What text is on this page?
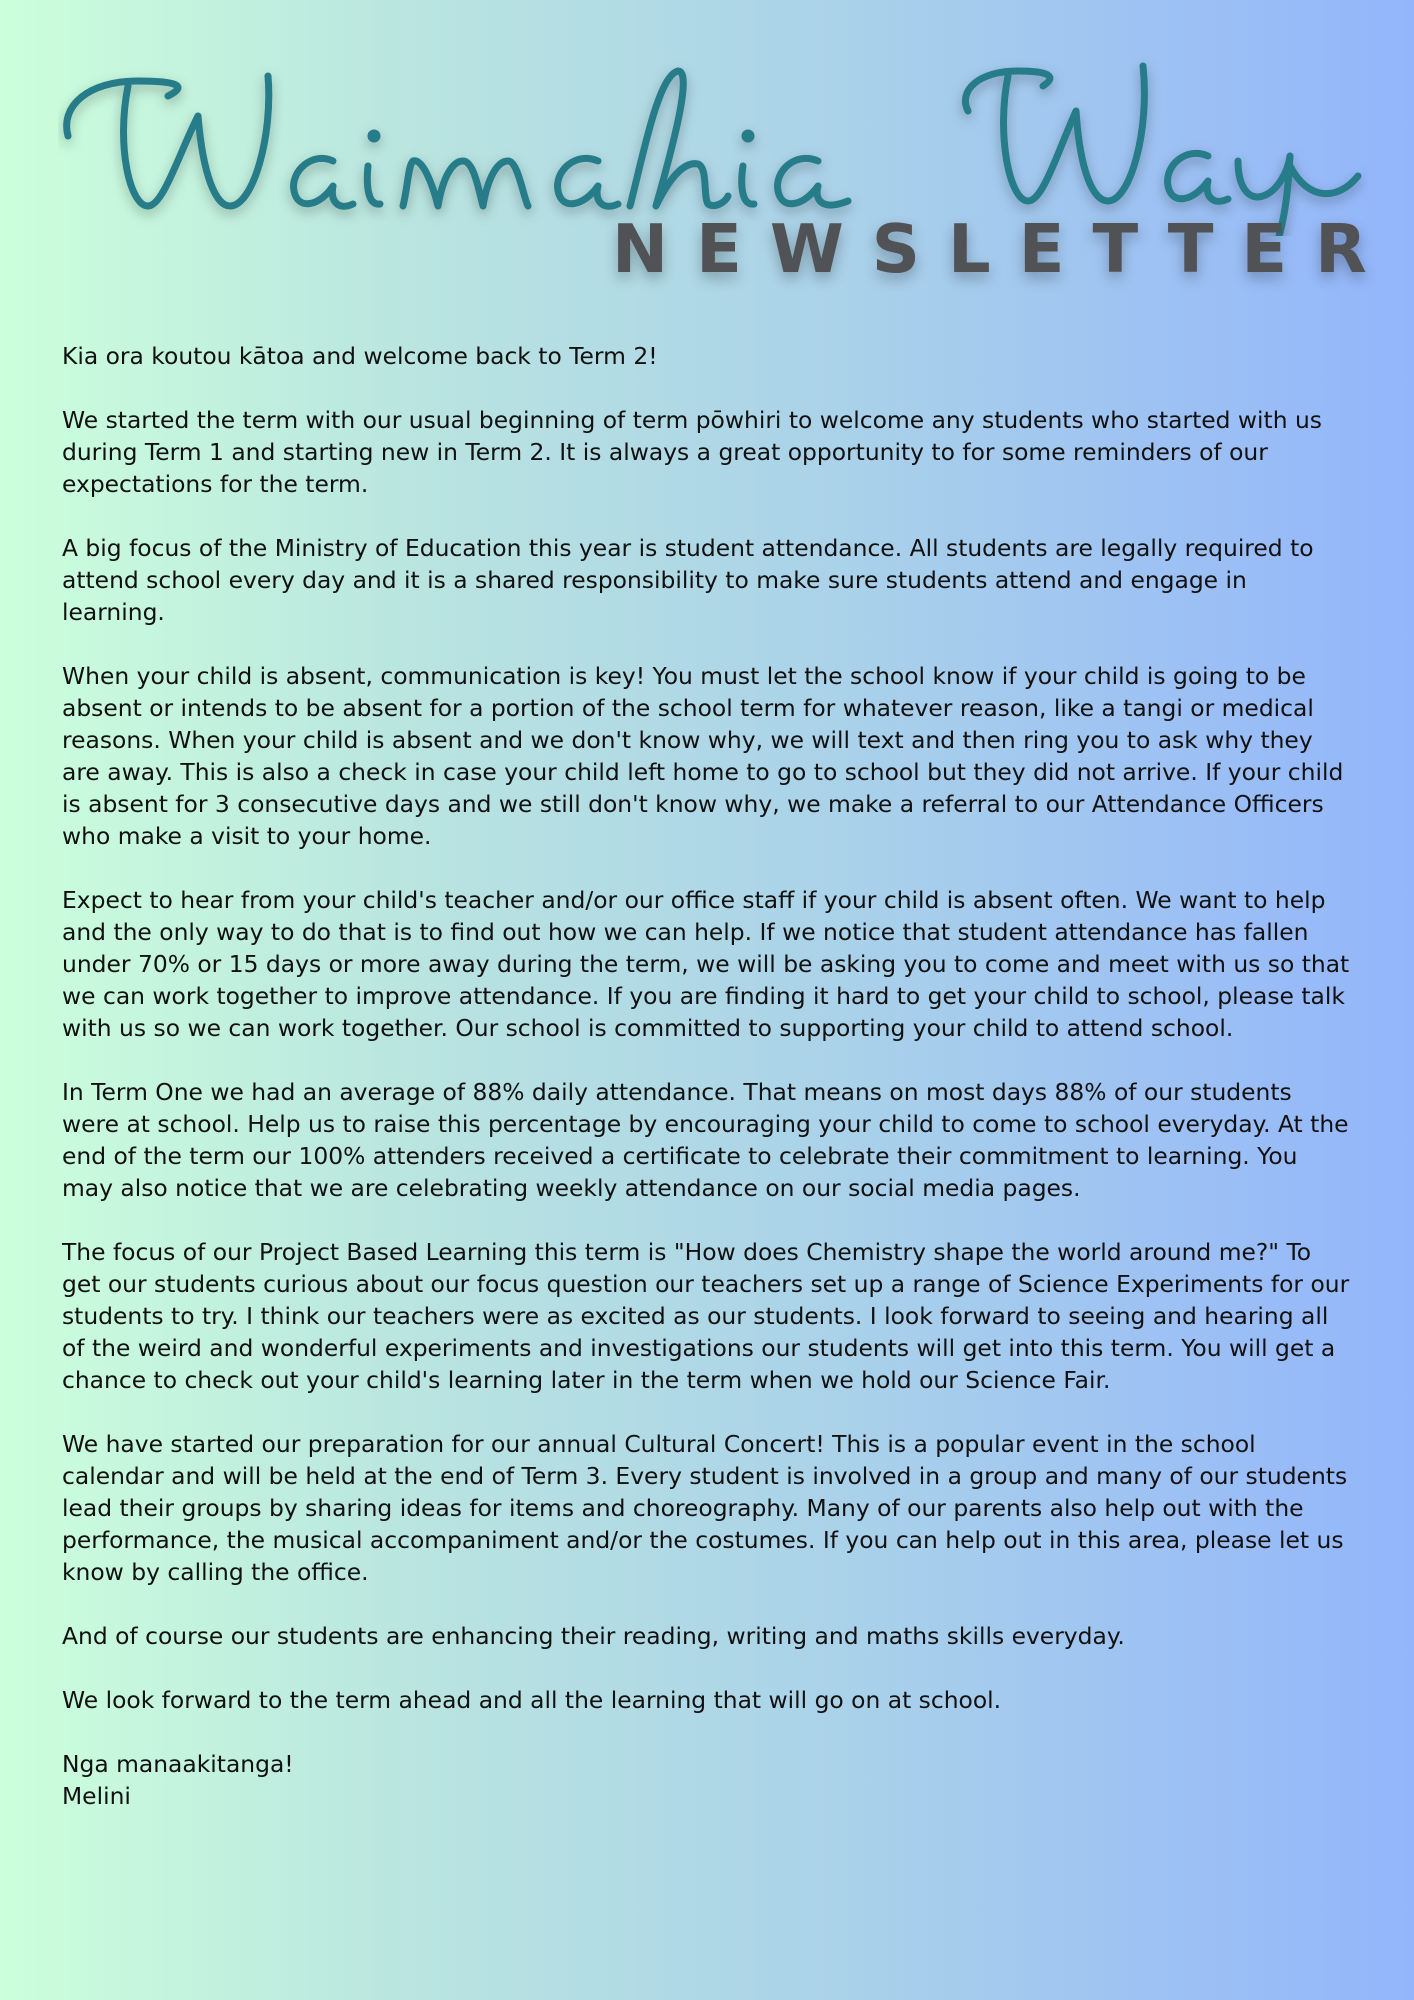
NEWSLETTER

Kia ora koutou kātoa and welcome back to Term 2!

We started the term with our usual beginning of term pōwhiri to welcome any students who started with us during Term 1 and starting new in Term 2. It is always a great opportunity to for some reminders of our expectations for the term.

A big focus of the Ministry of Education this year is student attendance. All students are legally required to attend school every day and it is a shared responsibility to make sure students attend and engage in learning.

When your child is absent, communication is key! You must let the school know if your child is going to be absent or intends to be absent for a portion of the school term for whatever reason, like a tangi or medical reasons. When your child is absent and we don't know why, we will text and then ring you to ask why they are away. This is also a check in case your child left home to go to school but they did not arrive. If your child is absent for 3 consecutive days and we still don't know why, we make a referral to our Attendance Officers who make a visit to your home.

Expect to hear from your child's teacher and/or our office staff if your child is absent often. We want to help and the only way to do that is to find out how we can help. If we notice that student attendance has fallen under 70% or 15 days or more away during the term, we will be asking you to come and meet with us so that we can work together to improve attendance. If you are finding it hard to get your child to school, please talk with us so we can work together. Our school is committed to supporting your child to attend school.

In Term One we had an average of 88% daily attendance. That means on most days 88% of our students were at school. Help us to raise this percentage by encouraging your child to come to school everyday. At the end of the term our 100% attenders received a certificate to celebrate their commitment to learning. You may also notice that we are celebrating weekly attendance on our social media pages.

The focus of our Project Based Learning this term is "How does Chemistry shape the world around me?" To get our students curious about our focus question our teachers set up a range of Science Experiments for our students to try. I think our teachers were as excited as our students. I look forward to seeing and hearing all of the weird and wonderful experiments and investigations our students will get into this term. You will get a chance to check out your child's learning later in the term when we hold our Science Fair.

We have started our preparation for our annual Cultural Concert! This is a popular event in the school calendar and will be held at the end of Term 3. Every student is involved in a group and many of our students lead their groups by sharing ideas for items and choreography. Many of our parents also help out with the performance, the musical accompaniment and/or the costumes. If you can help out in this area, please let us know by calling the office.

And of course our students are enhancing their reading, writing and maths skills everyday.

We look forward to the term ahead and all the learning that will go on at school.

Nga manaakitanga!
Melini
